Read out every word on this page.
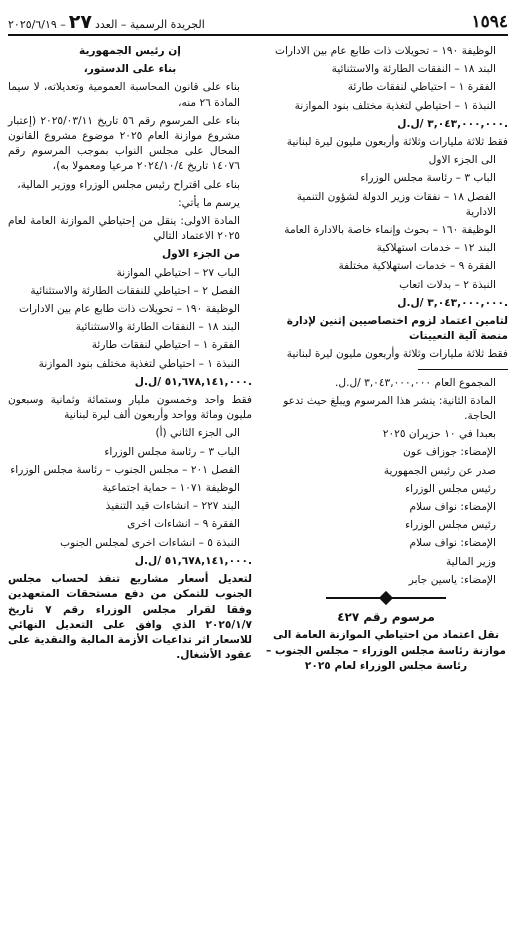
١٥٩٤
الجريدة الرسمية – العدد
٢٧
– ٢٠٢٥/٦/١٩
الوظيفة ١٩٠ – تحويلات ذات طابع عام بين الادارات
البند ١٨ – النفقات الطارئة والاستثنائية
الفقرة ١ – احتياطي لنفقات طارئة
النبذة ١ – احتياطي لتغذية مختلف بنود الموازنة
٣,٠٤٣,٠٠٠,٠٠٠ /ل.ل.
فقط ثلاثة مليارات وثلاثة وأربعون مليون ليرة لبنانية
الى الجزء الاول
الباب ٣ – رئاسة مجلس الوزراء
الفصل ١٨ – نفقات وزير الدولة لشؤون التنمية الادارية
الوظيفة ١٦٠ – بحوث وإنماء خاصة بالادارة العامة
البند ١٢ – خدمات استهلاكية
الفقرة ٩ – خدمات استهلاكية مختلفة
النبذة ٢ – بدلات اتعاب
٣,٠٤٣,٠٠٠,٠٠٠ /ل.ل.
لتامين اعتماد لزوم اختصاصيين إثنين لإدارة منصة آلية التعيينات
فقط ثلاثة مليارات وثلاثة وأربعون مليون ليرة لبنانية
المجموع العام ٣,٠٤٣,٠٠٠,٠٠٠ /ل.ل.
المادة الثانية: ينشر هذا المرسوم ويبلغ حيث تدعو الحاجة.
بعبدا في ١٠ حزيران ٢٠٢٥
الإمضاء: جوزاف عون
صدر عن رئيس الجمهورية
رئيس مجلس الوزراء
الإمضاء: نواف سلام
رئيس مجلس الوزراء
الإمضاء: نواف سلام
وزير المالية
الإمضاء: ياسين جابر
مرسوم رقم ٤٢٧
نقل اعتماد من احتياطي الموازنة العامة الى موازنة رئاسة مجلس الوزراء – مجلس الجنوب – رئاسة مجلس الوزراء لعام ٢٠٢٥
إن رئيس الجمهورية
بناء على الدستور،
بناء على قانون المحاسبة العمومية وتعديلاته، لا سيما المادة ٢٦ منه،
بناء على المرسوم رقم ٥٦ تاريخ ٢٠٢٥/٠٣/١١ (إعتبار مشروع موازنة العام ٢٠٢٥ موضوع مشروع القانون المحال على مجلس النواب بموجب المرسوم رقم ١٤٠٧٦ تاريخ ٢٠٢٤/١٠/٤ مرعيا ومعمولا به)،
بناء على اقتراح رئيس مجلس الوزراء ووزير المالية،
يرسم ما يأتي:
المادة الاولى: ينقل من إحتياطي الموازنة العامة لعام ٢٠٢٥ الاعتماد التالي
من الجزء الاول
الباب ٢٧ – احتياطي الموازنة
الفصل ٢ – احتياطي للنفقات الطارئة والاستثنائية
الوظيفة ١٩٠ – تحويلات ذات طابع عام بين الادارات
البند ١٨ – النفقات الطارئة والاستثنائية
الفقرة ١ – احتياطي لنفقات طارئة
النبذة ١ – احتياطي لتغذية مختلف بنود الموازنة
٥١,٦٧٨,١٤١,٠٠٠ /ل.ل.
فقط واحد وخمسون مليار وستمائة وثمانية وسبعون مليون ومائة وواحد وأربعون ألف ليرة لبنانية
الى الجزء الثاني (أ)
الباب ٣ – رئاسة مجلس الوزراء
الفصل ٢٠١ – مجلس الجنوب – رئاسة مجلس الوزراء
الوظيفة ١٠٧١ – حماية اجتماعية
البند ٢٢٧ – انشاءات قيد التنفيذ
الفقرة ٩ – انشاءات اخرى
النبذة ٥ – انشاءات اخرى لمجلس الجنوب
٥١,٦٧٨,١٤١,٠٠٠ /ل.ل.
لتعديل أسعار مشاريع تنفذ لحساب مجلس الجنوب للتمكن من دفع مستحقات المتعهدين وفقا لقرار مجلس الوزراء رقم ٧ تاريخ ٢٠٢٥/١/٧ الذي وافق على التعديل النهائي للاسعار اثر تداعيات الأزمة المالية والنقدية على عقود الأشغال.
